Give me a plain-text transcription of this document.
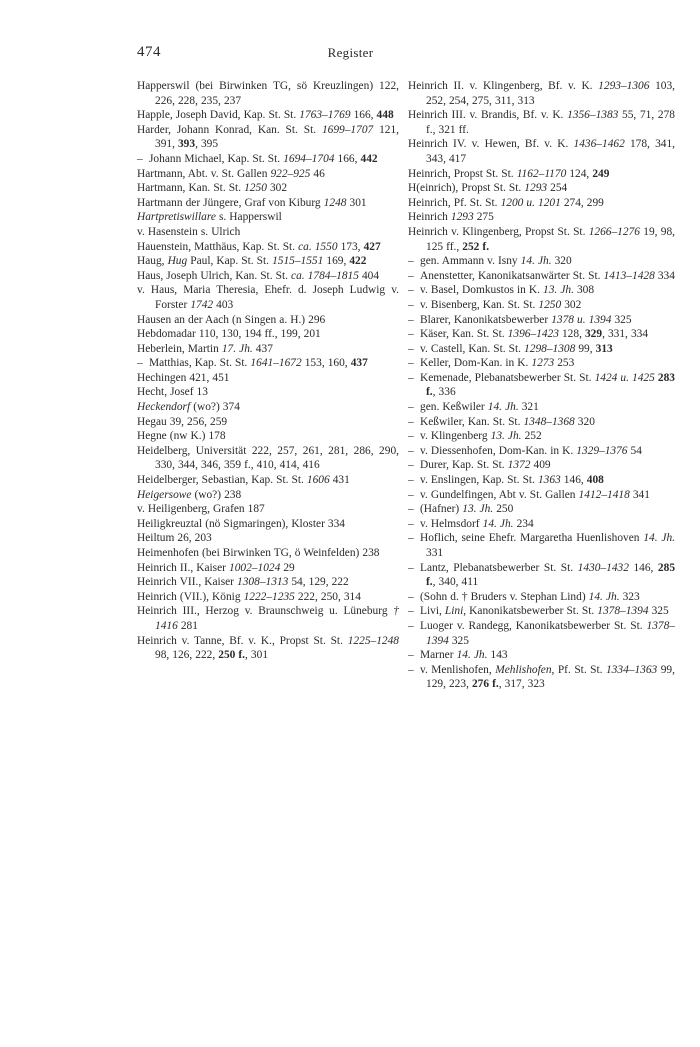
474	Register
Happerswil (bei Birwinken TG, sö Kreuzlingen) 122, 226, 228, 235, 237
Happle, Joseph David, Kap. St. St. 1763–1769 166, 448
Harder, Johann Konrad, Kan. St. St. 1699–1707 121, 391, 393, 395
– Johann Michael, Kap. St. St. 1694–1704 166, 442
Hartmann, Abt. v. St. Gallen 922–925 46
Hartmann, Kan. St. St. 1250 302
Hartmann der Jüngere, Graf von Kiburg 1248 301
Hartpretiswillare s. Happerswil
v. Hasenstein s. Ulrich
Hauenstein, Matthäus, Kap. St. St. ca. 1550 173, 427
Haug, Hug Paul, Kap. St. St. 1515–1551 169, 422
Haus, Joseph Ulrich, Kan. St. St. ca. 1784–1815 404
v. Haus, Maria Theresia, Ehefr. d. Joseph Ludwig v. Forster 1742 403
Hausen an der Aach (n Singen a. H.) 296
Hebdomadar 110, 130, 194 ff., 199, 201
Heberlein, Martin 17. Jh. 437
– Matthias, Kap. St. St. 1641–1672 153, 160, 437
Hechingen 421, 451
Hecht, Josef 13
Heckendorf (wo?) 374
Hegau 39, 256, 259
Hegne (nw K.) 178
Heidelberg, Universität 222, 257, 261, 281, 286, 290, 330, 344, 346, 359 f., 410, 414, 416
Heidelberger, Sebastian, Kap. St. St. 1606 431
Heigersowe (wo?) 238
v. Heiligenberg, Grafen 187
Heiligkreuztal (nö Sigmaringen), Kloster 334
Heiltum 26, 203
Heimenhofen (bei Birwinken TG, ö Weinfelden) 238
Heinrich II., Kaiser 1002–1024 29
Heinrich VII., Kaiser 1308–1313 54, 129, 222
Heinrich (VII.), König 1222–1235 222, 250, 314
Heinrich III., Herzog v. Braunschweig u. Lüneburg † 1416 281
Heinrich v. Tanne, Bf. v. K., Propst St. St. 1225–1248 98, 126, 222, 250 f., 301
Heinrich II. v. Klingenberg, Bf. v. K. 1293–1306 103, 252, 254, 275, 311, 313
Heinrich III. v. Brandis, Bf. v. K. 1356–1383 55, 71, 278 f., 321 ff.
Heinrich IV. v. Hewen, Bf. v. K. 1436–1462 178, 341, 343, 417
Heinrich, Propst St. St. 1162–1170 124, 249
H(einrich), Propst St. St. 1293 254
Heinrich, Pf. St. St. 1200 u. 1201 274, 299
Heinrich 1293 275
Heinrich v. Klingenberg, Propst St. St. 1266–1276 19, 98, 125 ff., 252 f.
– gen. Ammann v. Isny 14. Jh. 320
– Anenstetter, Kanonikatsanwärter St. St. 1413–1428 334
– v. Basel, Domkustos in K. 13. Jh. 308
– v. Bisenberg, Kan. St. St. 1250 302
– Blarer, Kanonikatsbewerber 1378 u. 1394 325
– Käser, Kan. St. St. 1396–1423 128, 329, 331, 334
– v. Castell, Kan. St. St. 1298–1308 99, 313
– Keller, Dom-Kan. in K. 1273 253
– Kemenade, Plebanatsbewerber St. St. 1424 u. 1425 283 f., 336
– gen. Keßwiler 14. Jh. 321
– Keßwiler, Kan. St. St. 1348–1368 320
– v. Klingenberg 13. Jh. 252
– v. Diessenhofen, Dom-Kan. in K. 1329–1376 54
– Durer, Kap. St. St. 1372 409
– v. Enslingen, Kap. St. St. 1363 146, 408
– v. Gundelfingen, Abt v. St. Gallen 1412–1418 341
– (Hafner) 13. Jh. 250
– v. Helmsdorf 14. Jh. 234
– Hoflich, seine Ehefr. Margaretha Huenlishoven 14. Jh. 331
– Lantz, Plebanatsbewerber St. St. 1430–1432 146, 285 f., 340, 411
– (Sohn d. † Bruders v. Stephan Lind) 14. Jh. 323
– Livi, Lini, Kanonikatsbewerber St. St. 1378–1394 325
– Luoger v. Randegg, Kanonikatsbewerber St. St. 1378–1394 325
– Marner 14. Jh. 143
– v. Menlishofen, Mehlishofen, Pf. St. St. 1334–1363 99, 129, 223, 276 f., 317, 323
